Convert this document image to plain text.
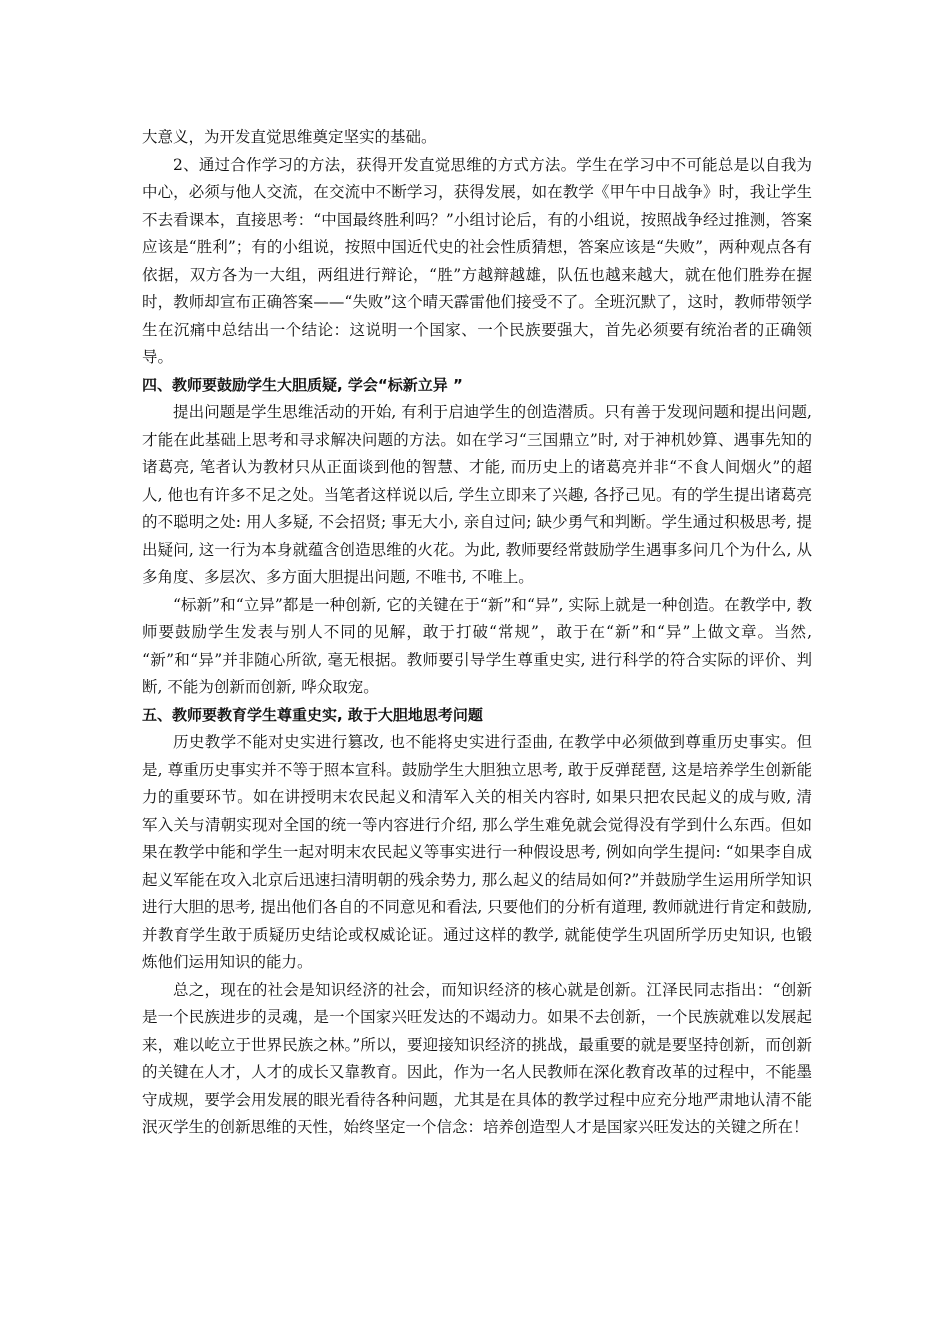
大意义，为开发直觉思维奠定坚实的基础。

2、通过合作学习的方法，获得开发直觉思维的方式方法。学生在学习中不可能总是以自我为中心，必须与他人交流，在交流中不断学习，获得发展，如在教学《甲午中日战争》时，我让学生不去看课本，直接思考：“中国最终胜利吗？”小组讨论后，有的小组说，按照战争经过推测，答案应该是“胜利”；有的小组说，按照中国近代史的社会性质猜想，答案应该是“失败”，两种观点各有依据，双方各为一大组，两组进行辩论，“胜”方越辩越雄，队伍也越来越大，就在他们胜券在握时，教师却宣布正确答案——“失败”这个晴天霹雷他们接受不了。全班沉默了，这时，教师带领学生在沉痛中总结出一个结论：这说明一个国家、一个民族要强大，首先必须要有统治者的正确领导。

四、教师要鼓励学生大胆质疑, 学会“标新立异 ”

提出问题是学生思维活动的开始, 有利于启迪学生的创造潜质。只有善于发现问题和提出问题, 才能在此基础上思考和寻求解决问题的方法。如在学习“三国鼎立”时, 对于神机妙算、遇事先知的诸葛亮, 笔者认为教材只从正面谈到他的智慧、才能, 而历史上的诸葛亮并非“不食人间烟火”的超人, 他也有许多不足之处。当笔者这样说以后, 学生立即来了兴趣, 各抒己见。有的学生提出诸葛亮的不聪明之处: 用人多疑, 不会招贤; 事无大小, 亲自过问; 缺少勇气和判断。学生通过积极思考, 提出疑问, 这一行为本身就蕴含创造思维的火花。为此, 教师要经常鼓励学生遇事多问几个为什么, 从多角度、多层次、多方面大胆提出问题, 不唯书, 不唯上。

“标新”和“立异”都是一种创新, 它的关键在于“新”和“异”, 实际上就是一种创造。在教学中, 教师要鼓励学生发表与别人不同的见解，敢于打破“常规”，敢于在“新”和“异”上做文章。当然, “新”和“异”并非随心所欲, 毫无根据。教师要引导学生尊重史实, 进行科学的符合实际的评价、判断, 不能为创新而创新, 哗众取宠。

五、教师要教育学生尊重史实, 敢于大胆地思考问题

历史教学不能对史实进行篡改, 也不能将史实进行歪曲, 在教学中必须做到尊重历史事实。但是, 尊重历史事实并不等于照本宣科。鼓励学生大胆独立思考, 敢于反弹琵琶, 这是培养学生创新能力的重要环节。如在讲授明末农民起义和清军入关的相关内容时, 如果只把农民起义的成与败, 清军入关与清朝实现对全国的统一等内容进行介绍, 那么学生难免就会觉得没有学到什么东西。但如果在教学中能和学生一起对明末农民起义等事实进行一种假设思考, 例如向学生提问: “如果李自成起义军能在攻入北京后迅速扫清明朝的残余势力, 那么起义的结局如何?”并鼓励学生运用所学知识进行大胆的思考, 提出他们各自的不同意见和看法, 只要他们的分析有道理, 教师就进行肯定和鼓励, 并教育学生敢于质疑历史结论或权威论证。通过这样的教学, 就能使学生巩固所学历史知识, 也锻炼他们运用知识的能力。

总之，现在的社会是知识经济的社会，而知识经济的核心就是创新。江泽民同志指出：“创新是一个民族进步的灵魂，是一个国家兴旺发达的不竭动力。如果不去创新，一个民族就难以发展起来，难以屹立于世界民族之林。”所以，要迎接知识经济的挑战，最重要的就是要坚持创新，而创新的关键在人才，人才的成长又靠教育。因此，作为一名人民教师在深化教育改革的过程中，不能墨守成规，要学会用发展的眼光看待各种问题，尤其是在具体的教学过程中应充分地严肃地认清不能泯灭学生的创新思维的天性，始终坚定一个信念：培养创造型人才是国家兴旺发达的关键之所在！
